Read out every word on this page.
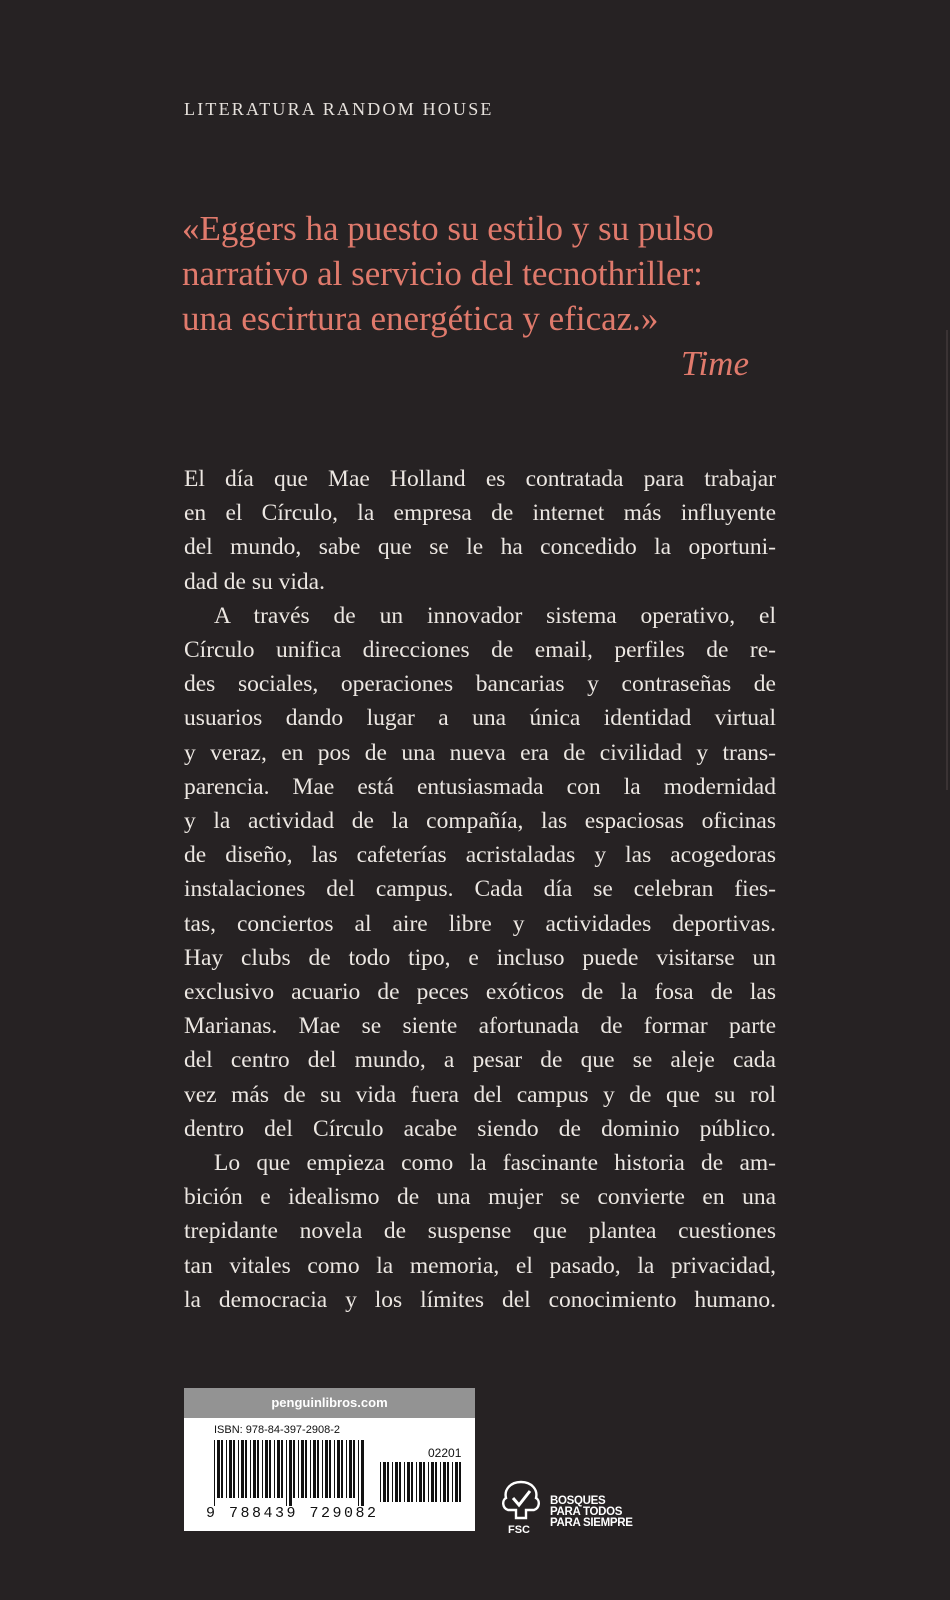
LITERATURA RANDOM HOUSE
«Eggers ha puesto su estilo y su pulso
narrativo al servicio del tecnothriller:
una escirtura energética y eficaz.»
Time

El día que Mae Holland es contratada para trabajar
en el Círculo, la empresa de internet más influyente
del mundo, sabe que se le ha concedido la oportuni-
dad de su vida.

A través de un innovador sistema operativo, el
Círculo unifica direcciones de email, perfiles de re-
des sociales, operaciones bancarias y contraseñas de
usuarios dando lugar a una única identidad virtual
y veraz, en pos de una nueva era de civilidad y trans-
parencia. Mae está entusiasmada con la modernidad
y la actividad de la compañía, las espaciosas oficinas
de diseño, las cafeterías acristaladas y las acogedoras
instalaciones del campus. Cada día se celebran fies-
tas, conciertos al aire libre y actividades deportivas.
Hay clubs de todo tipo, e incluso puede visitarse un
exclusivo acuario de peces exóticos de la fosa de las
Marianas. Mae se siente afortunada de formar parte
del centro del mundo, a pesar de que se aleje cada
vez más de su vida fuera del campus y de que su rol
dentro del Círculo acabe siendo de dominio público.

Lo que empieza como la fascinante historia de am-
bición e idealismo de una mujer se convierte en una
trepidante novela de suspense que plantea cuestiones
tan vitales como la memoria, el pasado, la privacidad,
la democracia y los límites del conocimiento humano.

penguinlibros.com
ISBN: 978-84-397-2908-2
02201
9 788439 729082
FSC
BOSQUES
PARA TODOS
PARA SIEMPRE
